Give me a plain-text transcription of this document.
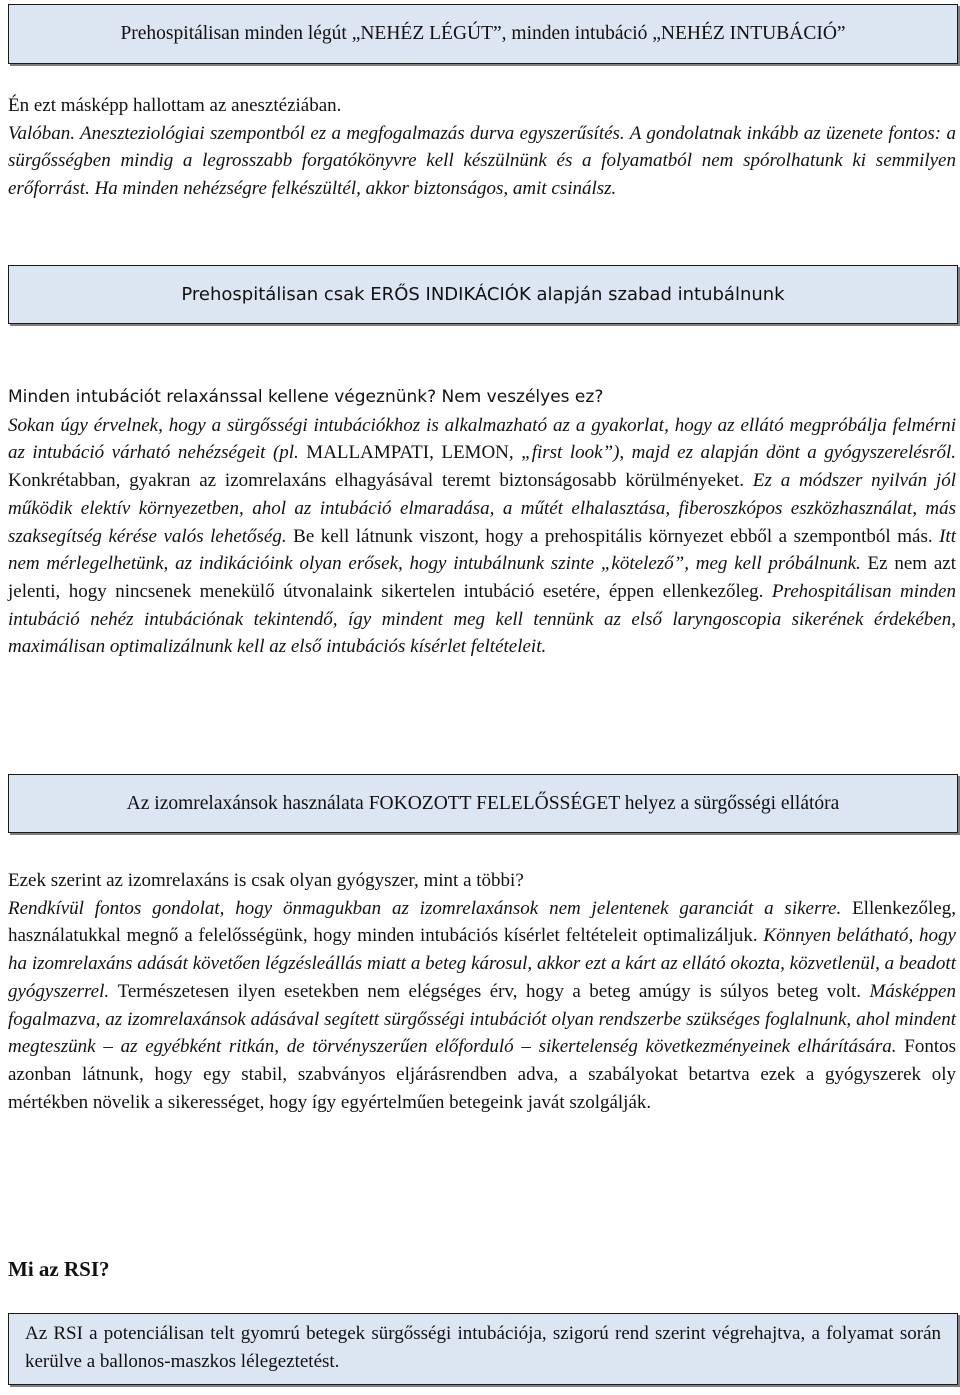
Prehospitálisan minden légút „NEHÉZ LÉGÚT”, minden intubáció „NEHÉZ INTUBÁCIÓ”

Én ezt másképp hallottam az anesztéziában.

Valóban. Aneszteziológiai szempontból ez a megfogalmazás durva egyszerűsítés. A gondolatnak inkább az üzenete fontos: a sürgősségben mindig a legrosszabb forgatókönyvre kell készülnünk és a folyamatból nem spórolhatunk ki semmilyen erőforrást. Ha minden nehézségre felkészültél, akkor biztonságos, amit csinálsz.

Prehospitálisan csak ERŐS INDIKÁCIÓK alapján szabad intubálnunk

Minden intubációt relaxánssal kellene végeznünk? Nem veszélyes ez?

Sokan úgy érvelnek, hogy a sürgősségi intubációkhoz is alkalmazható az a gyakorlat, hogy az ellátó megpróbálja felmérni az intubáció várható nehézségeit (pl. MALLAMPATI, LEMON, „first look”), majd ez alapján dönt a gyógyszerelésről. Konkrétabban, gyakran az izomrelaxáns elhagyásával teremt biztonságosabb körülményeket. Ez a módszer nyilván jól működik elektív környezetben, ahol az intubáció elmaradása, a műtét elhalasztása, fiberoszkópos eszközhasználat, más szaksegítség kérése valós lehetőség. Be kell látnunk viszont, hogy a prehospitális környezet ebből a szempontból más. Itt nem mérlegelhetünk, az indikációink olyan erősek, hogy intubálnunk szinte „kötelező”, meg kell próbálnunk. Ez nem azt jelenti, hogy nincsenek menekülő útvonalaink sikertelen intubáció esetére, éppen ellenkezőleg. Prehospitálisan minden intubáció nehéz intubációnak tekintendő, így mindent meg kell tennünk az első laryngoscopia sikerének érdekében, maximálisan optimalizálnunk kell az első intubációs kísérlet feltételeit.

Az izomrelaxánsok használata FOKOZOTT FELELŐSSÉGET helyez a sürgősségi ellátóra

Ezek szerint az izomrelaxáns is csak olyan gyógyszer, mint a többi?

Rendkívül fontos gondolat, hogy önmagukban az izomrelaxánsok nem jelentenek garanciát a sikerre. Ellenkezőleg, használatukkal megnő a felelősségünk, hogy minden intubációs kísérlet feltételeit optimalizáljuk. Könnyen belátható, hogy ha izomrelaxáns adását követően légzésleállás miatt a beteg károsul, akkor ezt a kárt az ellátó okozta, közvetlenül, a beadott gyógyszerrel. Természetesen ilyen esetekben nem elégséges érv, hogy a beteg amúgy is súlyos beteg volt. Másképpen fogalmazva, az izomrelaxánsok adásával segített sürgősségi intubációt olyan rendszerbe szükséges foglalnunk, ahol mindent megteszünk – az egyébként ritkán, de törvényszerűen előforduló – sikertelenség következményeinek elhárítására. Fontos azonban látnunk, hogy egy stabil, szabványos eljárásrendben adva, a szabályokat betartva ezek a gyógyszerek oly mértékben növelik a sikerességet, hogy így egyértelműen betegeink javát szolgálják.

Mi az RSI?
Az RSI a potenciálisan telt gyomrú betegek sürgősségi intubációja, szigorú rend szerint végrehajtva, a folyamat során kerülve a ballonos-maszkos lélegeztetést.
